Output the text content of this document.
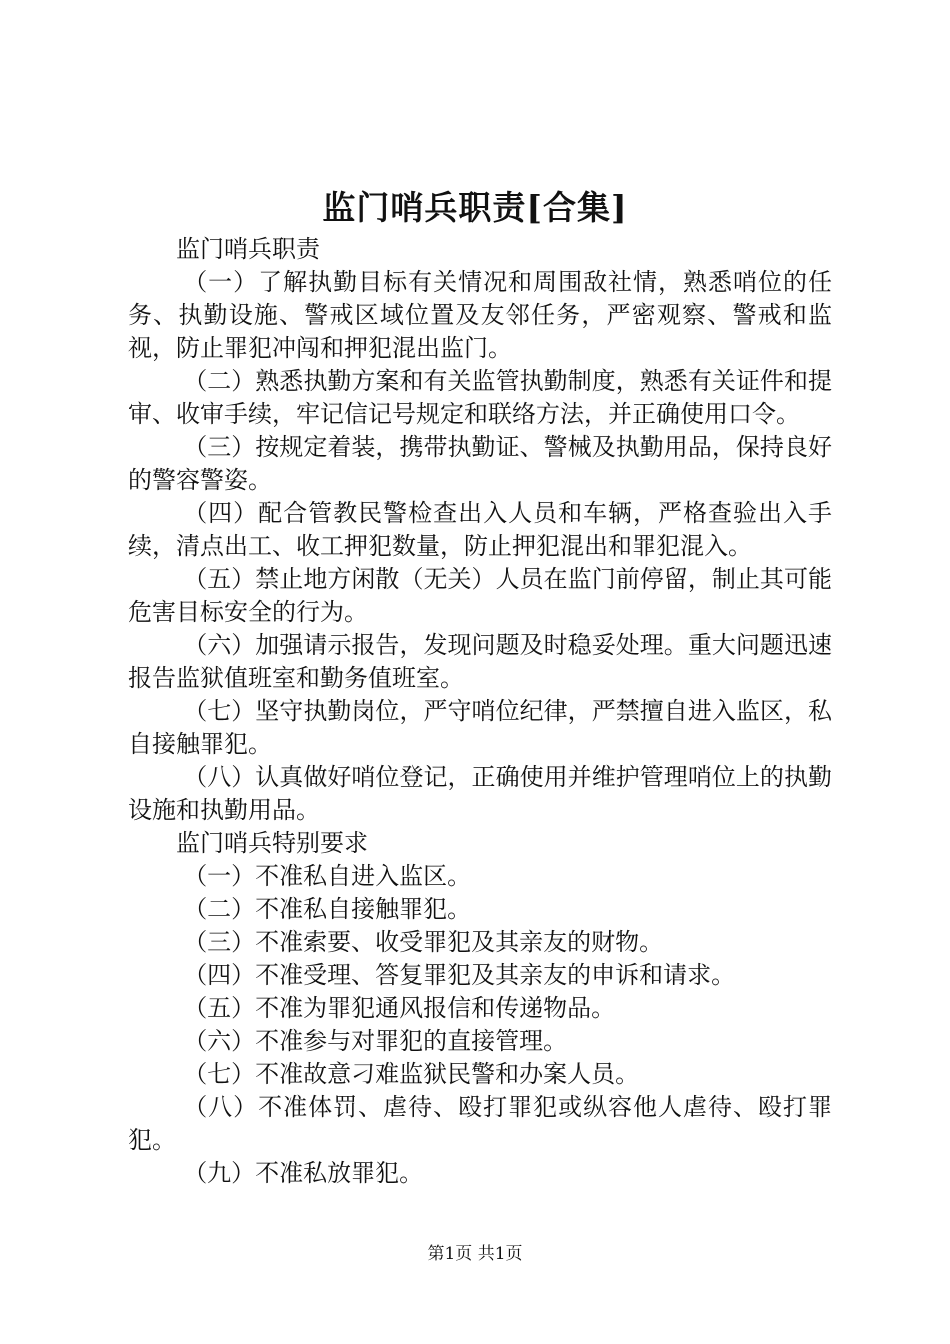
监门哨兵职责[合集]

监门哨兵职责

（一）了解执勤目标有关情况和周围敌社情，熟悉哨位的任务、执勤设施、警戒区域位置及友邻任务，严密观察、警戒和监视，防止罪犯冲闯和押犯混出监门。

（二）熟悉执勤方案和有关监管执勤制度，熟悉有关证件和提审、收审手续，牢记信记号规定和联络方法，并正确使用口令。

（三）按规定着装，携带执勤证、警械及执勤用品，保持良好的警容警姿。

（四）配合管教民警检查出入人员和车辆，严格查验出入手续，清点出工、收工押犯数量，防止押犯混出和罪犯混入。

（五）禁止地方闲散（无关）人员在监门前停留，制止其可能危害目标安全的行为。

（六）加强请示报告，发现问题及时稳妥处理。重大问题迅速报告监狱值班室和勤务值班室。

（七）坚守执勤岗位，严守哨位纪律，严禁擅自进入监区，私自接触罪犯。

（八）认真做好哨位登记，正确使用并维护管理哨位上的执勤设施和执勤用品。

监门哨兵特别要求

（一）不准私自进入监区。

（二）不准私自接触罪犯。

（三）不准索要、收受罪犯及其亲友的财物。

（四）不准受理、答复罪犯及其亲友的申诉和请求。

（五）不准为罪犯通风报信和传递物品。

（六）不准参与对罪犯的直接管理。

（七）不准故意刁难监狱民警和办案人员。

（八）不准体罚、虐待、殴打罪犯或纵容他人虐待、殴打罪犯。

（九）不准私放罪犯。

第1页 共1页
